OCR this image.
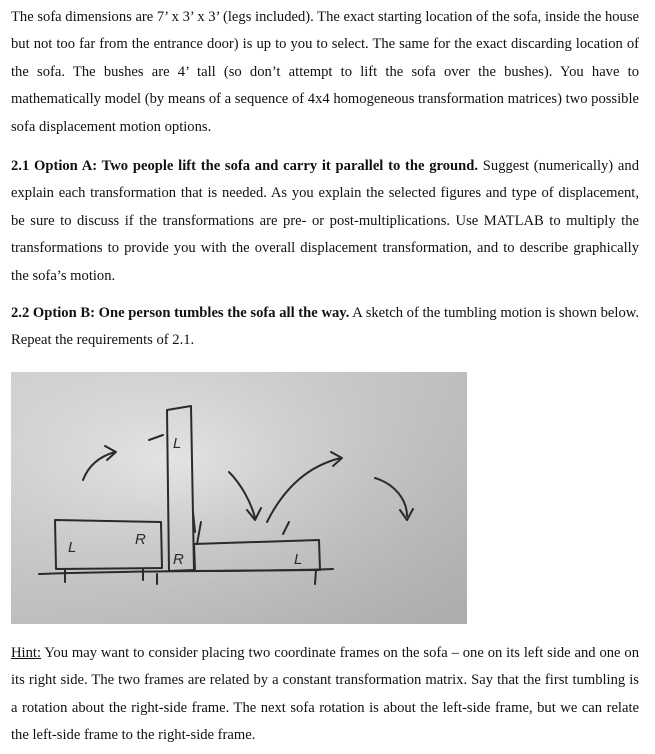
The sofa dimensions are 7’ x 3’ x 3’ (legs included). The exact starting location of the sofa, inside the house but not too far from the entrance door) is up to you to select. The same for the exact discarding location of the sofa. The bushes are 4’ tall (so don’t attempt to lift the sofa over the bushes). You have to mathematically model (by means of a sequence of 4x4 homogeneous transformation matrices) two possible sofa displacement motion options.
2.1 Option A: Two people lift the sofa and carry it parallel to the ground. Suggest (numerically) and explain each transformation that is needed. As you explain the selected figures and type of displacement, be sure to discuss if the transformations are pre- or post-multiplications. Use MATLAB to multiply the transformations to provide you with the overall displacement transformation, and to describe graphically the sofa’s motion.
2.2 Option B: One person tumbles the sofa all the way. A sketch of the tumbling motion is shown below. Repeat the requirements of 2.1.
L	R
L
R	L
Hint: You may want to consider placing two coordinate frames on the sofa – one on its left side and one on its right side. The two frames are related by a constant transformation matrix. Say that the first tumbling is a rotation about the right-side frame. The next sofa rotation is about the left-side frame, but we can relate the left-side frame to the right-side frame.
